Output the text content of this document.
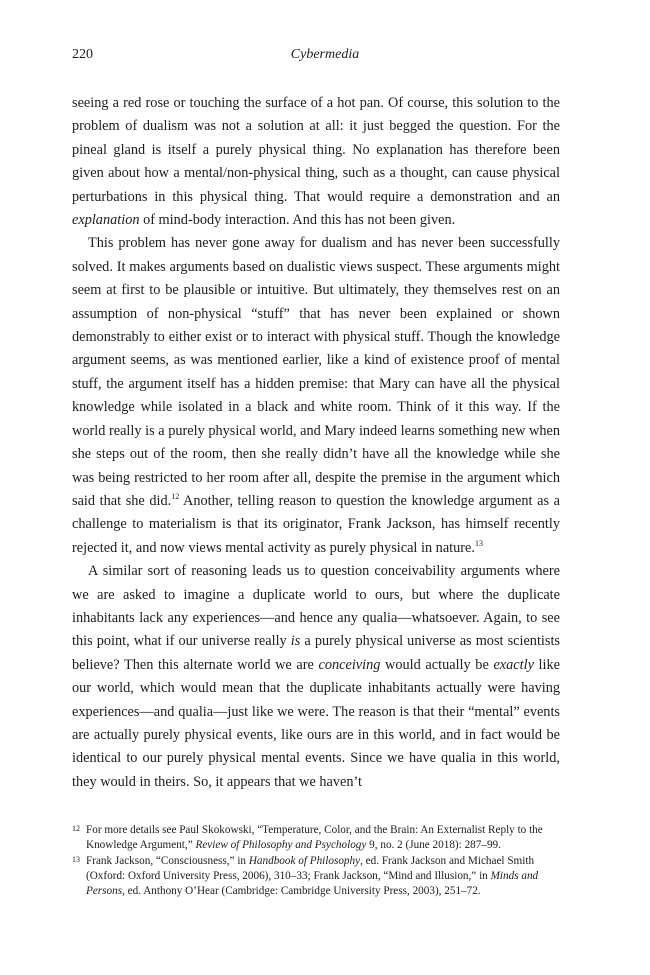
220	Cybermedia

seeing a red rose or touching the surface of a hot pan. Of course, this solution to the problem of dualism was not a solution at all: it just begged the question. For the pineal gland is itself a purely physical thing. No explanation has therefore been given about how a mental/non-physical thing, such as a thought, can cause physical perturbations in this physical thing. That would require a demonstration and an explanation of mind-body interaction. And this has not been given.

This problem has never gone away for dualism and has never been successfully solved. It makes arguments based on dualistic views suspect. These arguments might seem at first to be plausible or intuitive. But ultimately, they themselves rest on an assumption of non-physical “stuff” that has never been explained or shown demonstrably to either exist or to interact with physical stuff. Though the knowledge argument seems, as was mentioned earlier, like a kind of existence proof of mental stuff, the argument itself has a hidden premise: that Mary can have all the physical knowledge while isolated in a black and white room. Think of it this way. If the world really is a purely physical world, and Mary indeed learns something new when she steps out of the room, then she really didn’t have all the knowledge while she was being restricted to her room after all, despite the premise in the argument which said that she did.$^{12}$ Another, telling reason to question the knowledge argument as a challenge to materialism is that its originator, Frank Jackson, has himself recently rejected it, and now views mental activity as purely physical in nature.$^{13}$

A similar sort of reasoning leads us to question conceivability arguments where we are asked to imagine a duplicate world to ours, but where the duplicate inhabitants lack any experiences—and hence any qualia—whatsoever. Again, to see this point, what if our universe really is a purely physical universe as most scientists believe? Then this alternate world we are conceiving would actually be exactly like our world, which would mean that the duplicate inhabitants actually were having experiences—and qualia—just like we were. The reason is that their “mental” events are actually purely physical events, like ours are in this world, and in fact would be identical to our purely physical mental events. Since we have qualia in this world, they would in theirs. So, it appears that we haven’t

12 For more details see Paul Skokowski, “Temperature, Color, and the Brain: An Externalist Reply to the Knowledge Argument,” Review of Philosophy and Psychology 9, no. 2 (June 2018): 287–99.
13 Frank Jackson, “Consciousness,” in Handbook of Philosophy, ed. Frank Jackson and Michael Smith (Oxford: Oxford University Press, 2006), 310–33; Frank Jackson, “Mind and Illusion,” in Minds and Persons, ed. Anthony O’Hear (Cambridge: Cambridge University Press, 2003), 251–72.
